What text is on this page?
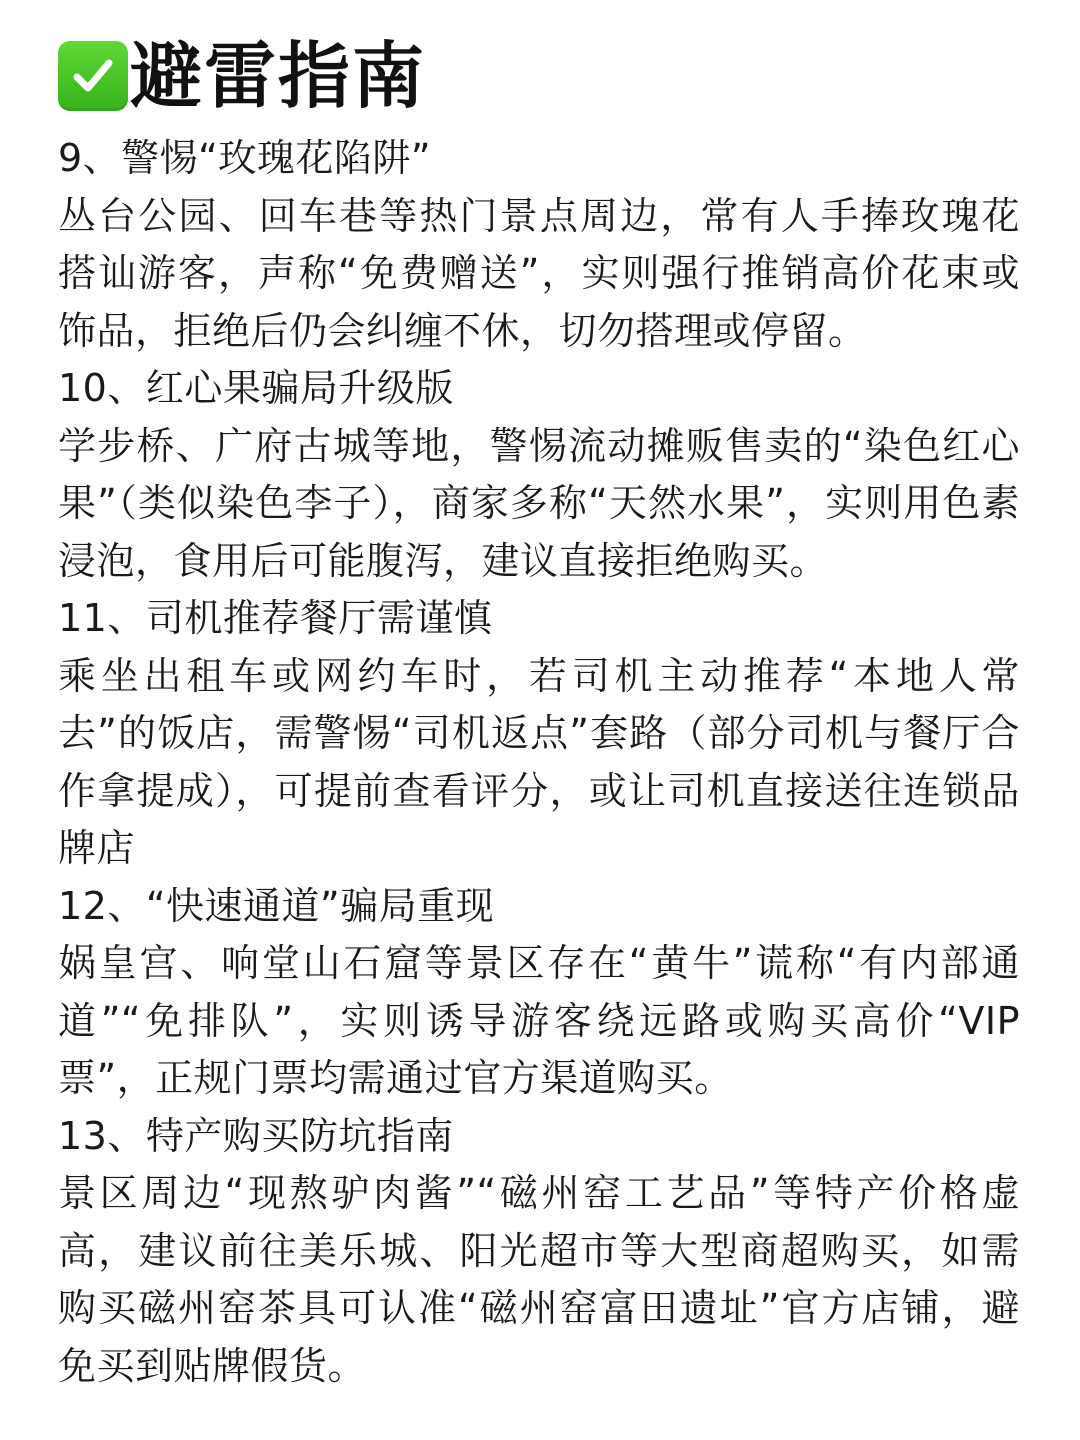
避雷指南

9、警惕“玫瑰花陷阱”

丛台公园、回车巷等热门景点周边，常有人手捧玫瑰花搭讪游客，声称“免费赠送”，实则强行推销高价花束或饰品，拒绝后仍会纠缠不休，切勿搭理或停留。

10、红心果骗局升级版

学步桥、广府古城等地，警惕流动摊贩售卖的“染色红心果”（类似染色李子），商家多称“天然水果”，实则用色素浸泡，食用后可能腹泻，建议直接拒绝购买。

11、司机推荐餐厅需谨慎

乘坐出租车或网约车时，若司机主动推荐“本地人常去”的饭店，需警惕“司机返点”套路（部分司机与餐厅合作拿提成），可提前查看评分，或让司机直接送往连锁品牌店

12、“快速通道”骗局重现

娲皇宫、响堂山石窟等景区存在“黄牛”谎称“有内部通道”“免排队”，实则诱导游客绕远路或购买高价“VIP票”，正规门票均需通过官方渠道购买。

13、特产购买防坑指南

景区周边“现熬驴肉酱”“磁州窑工艺品”等特产价格虚高，建议前往美乐城、阳光超市等大型商超购买，如需购买磁州窑茶具可认准“磁州窑富田遗址”官方店铺，避免买到贴牌假货。
